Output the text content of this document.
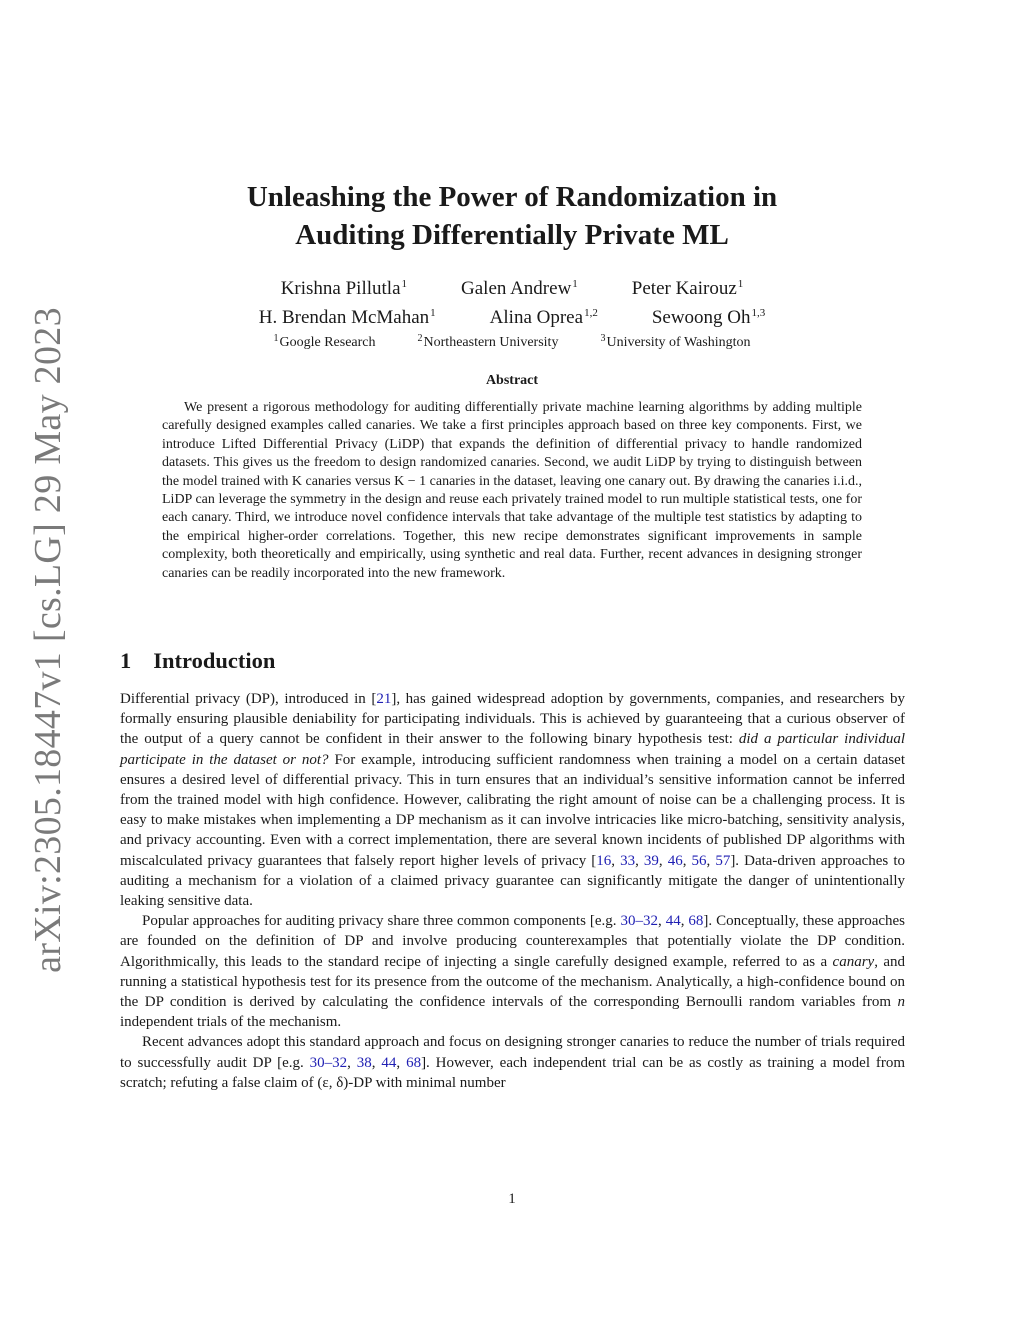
arXiv:2305.18447v1 [cs.LG] 29 May 2023
Unleashing the Power of Randomization in
Auditing Differentially Private ML
Krishna Pillutla$^1$	Galen Andrew$^1$	Peter Kairouz$^1$
H. Brendan McMahan$^1$	Alina Oprea$^{1,2}$	Sewoong Oh$^{1,3}$
$^1$Google Research	$^2$Northeastern University	$^3$University of Washington
Abstract

We present a rigorous methodology for auditing differentially private machine learning algorithms by adding multiple carefully designed examples called canaries. We take a first principles approach based on three key components. First, we introduce Lifted Differential Privacy (LiDP) that expands the definition of differential privacy to handle randomized datasets. This gives us the freedom to design randomized canaries. Second, we audit LiDP by trying to distinguish between the model trained with K canaries versus K − 1 canaries in the dataset, leaving one canary out. By drawing the canaries i.i.d., LiDP can leverage the symmetry in the design and reuse each privately trained model to run multiple statistical tests, one for each canary. Third, we introduce novel confidence intervals that take advantage of the multiple test statistics by adapting to the empirical higher-order correlations. Together, this new recipe demonstrates significant improvements in sample complexity, both theoretically and empirically, using synthetic and real data. Further, recent advances in designing stronger canaries can be readily incorporated into the new framework.

1 Introduction

Differential privacy (DP), introduced in [21], has gained widespread adoption by governments, companies, and researchers by formally ensuring plausible deniability for participating individuals. This is achieved by guaranteeing that a curious observer of the output of a query cannot be confident in their answer to the following binary hypothesis test: did a particular individual participate in the dataset or not? For example, introducing sufficient randomness when training a model on a certain dataset ensures a desired level of differential privacy. This in turn ensures that an individual’s sensitive information cannot be inferred from the trained model with high confidence. However, calibrating the right amount of noise can be a challenging process. It is easy to make mistakes when implementing a DP mechanism as it can involve intricacies like micro-batching, sensitivity analysis, and privacy accounting. Even with a correct implementation, there are several known incidents of published DP algorithms with miscalculated privacy guarantees that falsely report higher levels of privacy [16, 33, 39, 46, 56, 57]. Data-driven approaches to auditing a mechanism for a violation of a claimed privacy guarantee can significantly mitigate the danger of unintentionally leaking sensitive data.

Popular approaches for auditing privacy share three common components [e.g. 30–32, 44, 68]. Conceptually, these approaches are founded on the definition of DP and involve producing counterexamples that potentially violate the DP condition. Algorithmically, this leads to the standard recipe of injecting a single carefully designed example, referred to as a canary, and running a statistical hypothesis test for its presence from the outcome of the mechanism. Analytically, a high-confidence bound on the DP condition is derived by calculating the confidence intervals of the corresponding Bernoulli random variables from n independent trials of the mechanism.

Recent advances adopt this standard approach and focus on designing stronger canaries to reduce the number of trials required to successfully audit DP [e.g. 30–32, 38, 44, 68]. However, each independent trial can be as costly as training a model from scratch; refuting a false claim of (ε, δ)-DP with minimal number

1
